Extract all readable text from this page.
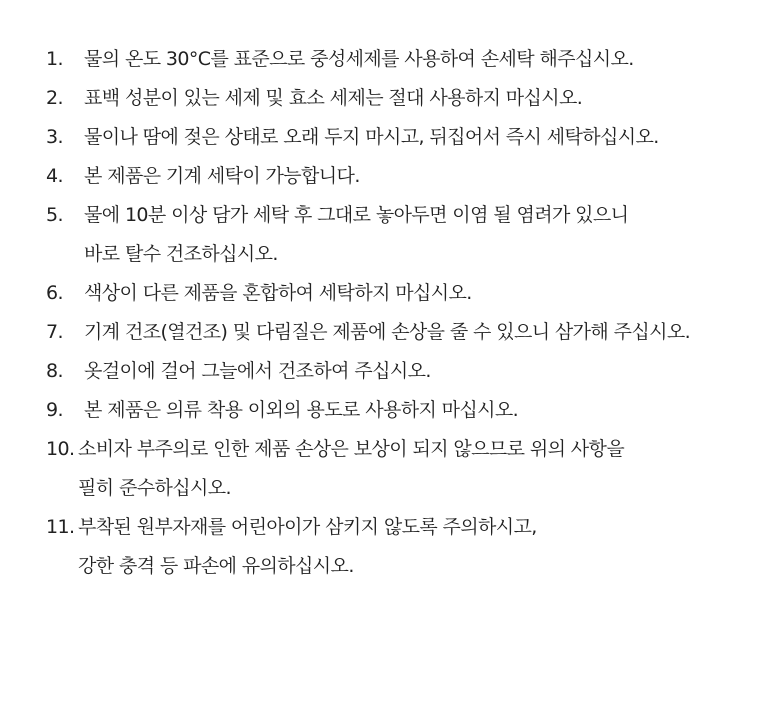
1.	물의 온도 30°C를 표준으로 중성세제를 사용하여 손세탁 해주십시오.
2.	표백 성분이 있는 세제 및 효소 세제는 절대 사용하지 마십시오.
3.	물이나 땀에 젖은 상태로 오래 두지 마시고, 뒤집어서 즉시 세탁하십시오.
4.	본 제품은 기계 세탁이 가능합니다.
5.	물에 10분 이상 담가 세탁 후 그대로 놓아두면 이염 될 염려가 있으니
바로 탈수 건조하십시오.
6.	색상이 다른 제품을 혼합하여 세탁하지 마십시오.
7.	기계 건조(열건조) 및 다림질은 제품에 손상을 줄 수 있으니 삼가해 주십시오.
8.	옷걸이에 걸어 그늘에서 건조하여 주십시오.
9.	본 제품은 의류 착용 이외의 용도로 사용하지 마십시오.
10. 소비자 부주의로 인한 제품 손상은 보상이 되지 않으므로 위의 사항을
필히 준수하십시오.
11. 부착된 원부자재를 어린아이가 삼키지 않도록 주의하시고,
강한 충격 등 파손에 유의하십시오.
